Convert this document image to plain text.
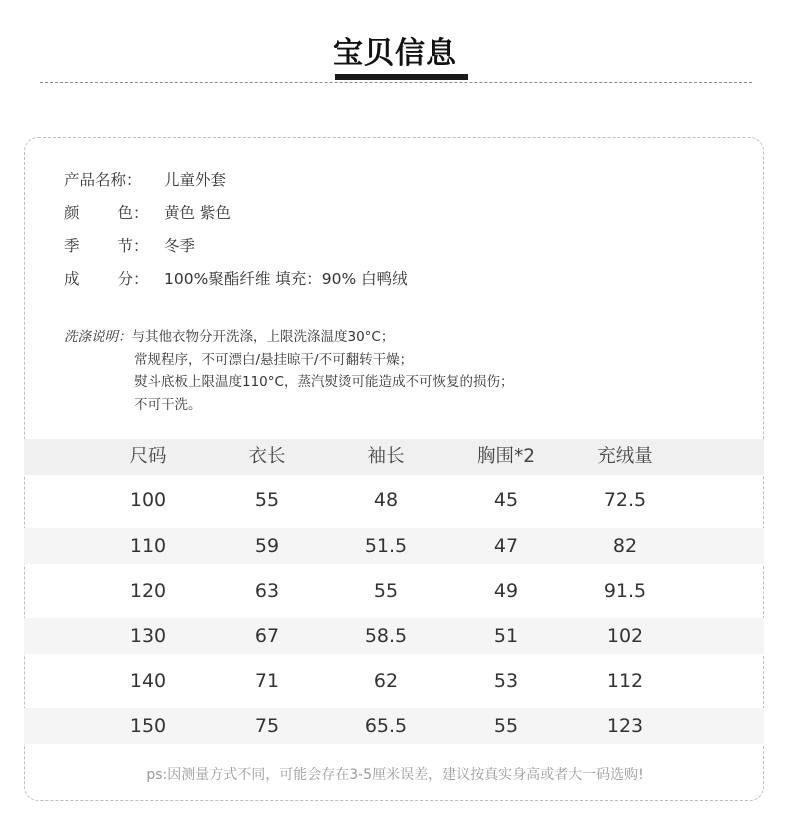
宝贝信息
产品名称： 儿童外套
颜 色： 黄色 紫色
季 节： 冬季
成 分： 100%聚酯纤维 填充：90% 白鸭绒
洗涤说明：与其他衣物分开洗涤，上限洗涤温度30°C；
常规程序，不可漂白/悬挂晾干/不可翻转干燥；
熨斗底板上限温度110°C，蒸汽熨烫可能造成不可恢复的损伤；
不可干洗。
尺码	衣长	袖长	胸围*2	充绒量
100	55	48	45	72.5
110	59	51.5	47	82
120	63	55	49	91.5
130	67	58.5	51	102
140	71	62	53	112
150	75	65.5	55	123
ps:因测量方式不同，可能会存在3-5厘米误差，建议按真实身高或者大一码选购!
